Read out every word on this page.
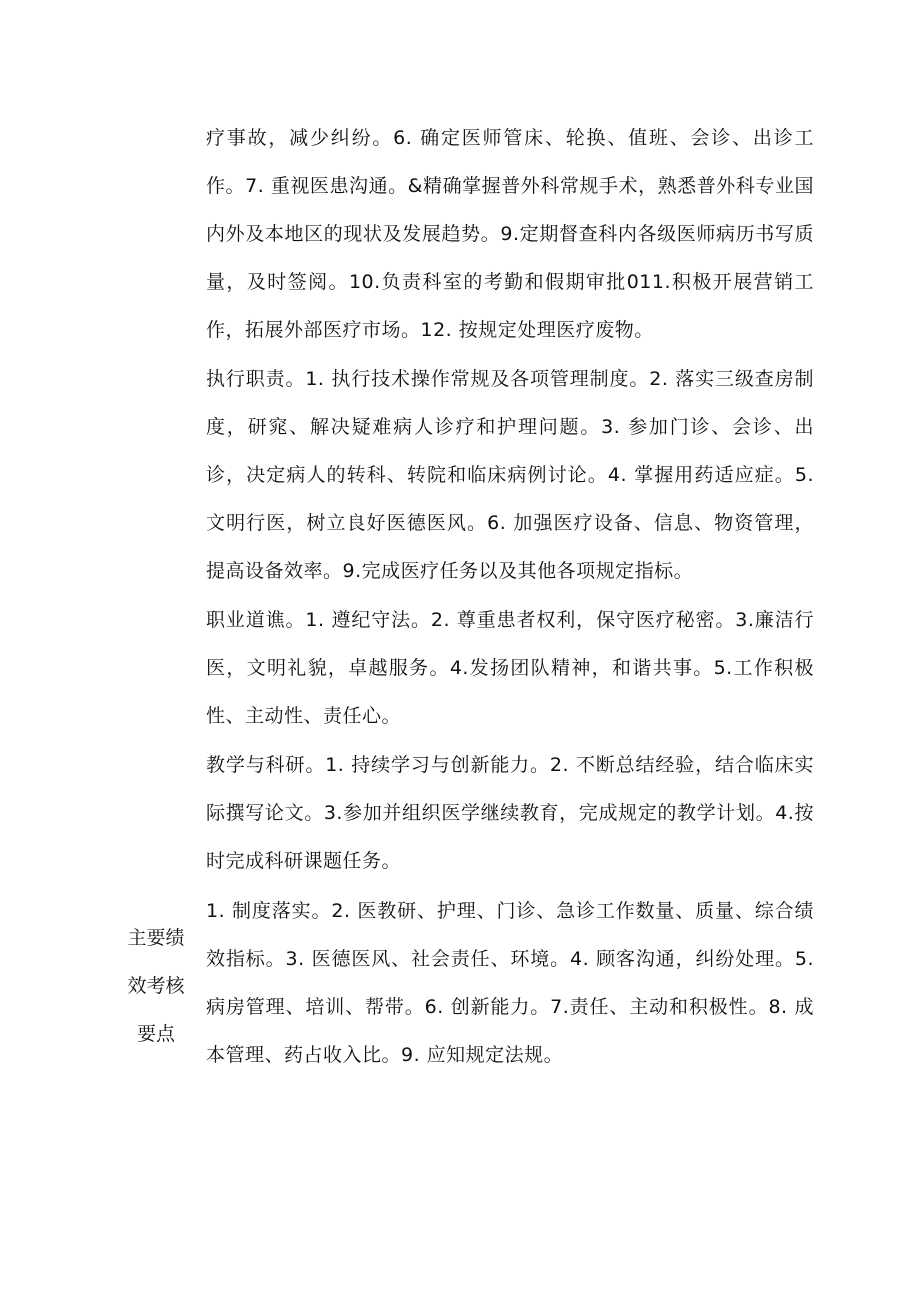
疗事故，减少纠纷。6. 确定医师管床、轮换、值班、会诊、出诊工作。7. 重视医患沟通。&精确掌握普外科常规手术，熟悉普外科专业国内外及本地区的现状及发展趋势。9.定期督查科内各级医师病历书写质量，及时签阅。10.负责科室的考勤和假期审批011.积极开展营销工作，拓展外部医疗市场。12. 按规定处理医疗废物。

执行职责。1. 执行技术操作常规及各项管理制度。2. 落实三级查房制度，研窕、解决疑难病人诊疗和护理问题。3. 参加门诊、会诊、出诊，决定病人的转科、转院和临床病例讨论。4. 掌握用药适应症。5. 文明行医，树立良好医德医风。6. 加强医疗设备、信息、物资管理，提高设备效率。9.完成医疗任务以及其他各项规定指标。

职业道谯。1. 遵纪守法。2. 尊重患者权利，保守医疗秘密。3.廉洁行医，文明礼貌，卓越服务。4.发扬团队精神，和谐共事。5.工作积极性、主动性、责任心。

教学与科研。1. 持续学习与创新能力。2. 不断总结经验，结合临床实际撰写论文。3.参加并组织医学继续教育，完成规定的教学计划。4.按时完成科研课题任务。

主要绩效考核要点

1. 制度落实。2. 医教研、护理、门诊、急诊工作数量、质量、综合绩效指标。3. 医德医风、社会责任、环境。4. 顾客沟通，纠纷处理。5. 病房管理、培训、帮带。6. 创新能力。7.责任、主动和积极性。8. 成本管理、药占收入比。9. 应知规定法规。
